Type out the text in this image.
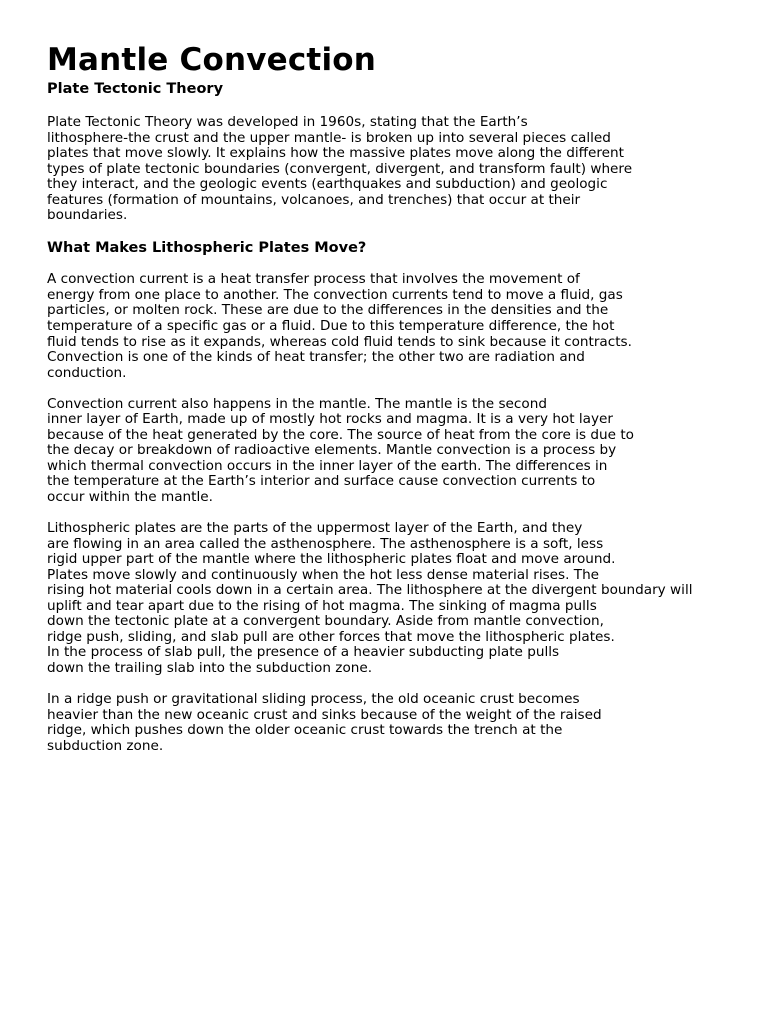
Mantle Convection
Plate Tectonic Theory

Plate Tectonic Theory was developed in 1960s, stating that the Earth’s
lithosphere-the crust and the upper mantle- is broken up into several pieces called
plates that move slowly. It explains how the massive plates move along the different
types of plate tectonic boundaries (convergent, divergent, and transform fault) where
they interact, and the geologic events (earthquakes and subduction) and geologic
features (formation of mountains, volcanoes, and trenches) that occur at their
boundaries.

What Makes Lithospheric Plates Move?

A convection current is a heat transfer process that involves the movement of
energy from one place to another. The convection currents tend to move a fluid, gas
particles, or molten rock. These are due to the differences in the densities and the
temperature of a specific gas or a fluid. Due to this temperature difference, the hot
fluid tends to rise as it expands, whereas cold fluid tends to sink because it contracts.
Convection is one of the kinds of heat transfer; the other two are radiation and
conduction.

Convection current also happens in the mantle. The mantle is the second
inner layer of Earth, made up of mostly hot rocks and magma. It is a very hot layer
because of the heat generated by the core. The source of heat from the core is due to
the decay or breakdown of radioactive elements. Mantle convection is a process by
which thermal convection occurs in the inner layer of the earth. The differences in
the temperature at the Earth’s interior and surface cause convection currents to
occur within the mantle.

Lithospheric plates are the parts of the uppermost layer of the Earth, and they
are flowing in an area called the asthenosphere. The asthenosphere is a soft, less
rigid upper part of the mantle where the lithospheric plates float and move around.
Plates move slowly and continuously when the hot less dense material rises. The
rising hot material cools down in a certain area. The lithosphere at the divergent boundary will
uplift and tear apart due to the rising of hot magma. The sinking of magma pulls
down the tectonic plate at a convergent boundary. Aside from mantle convection,
ridge push, sliding, and slab pull are other forces that move the lithospheric plates.
In the process of slab pull, the presence of a heavier subducting plate pulls
down the trailing slab into the subduction zone.

In a ridge push or gravitational sliding process, the old oceanic crust becomes
heavier than the new oceanic crust and sinks because of the weight of the raised
ridge, which pushes down the older oceanic crust towards the trench at the
subduction zone.
